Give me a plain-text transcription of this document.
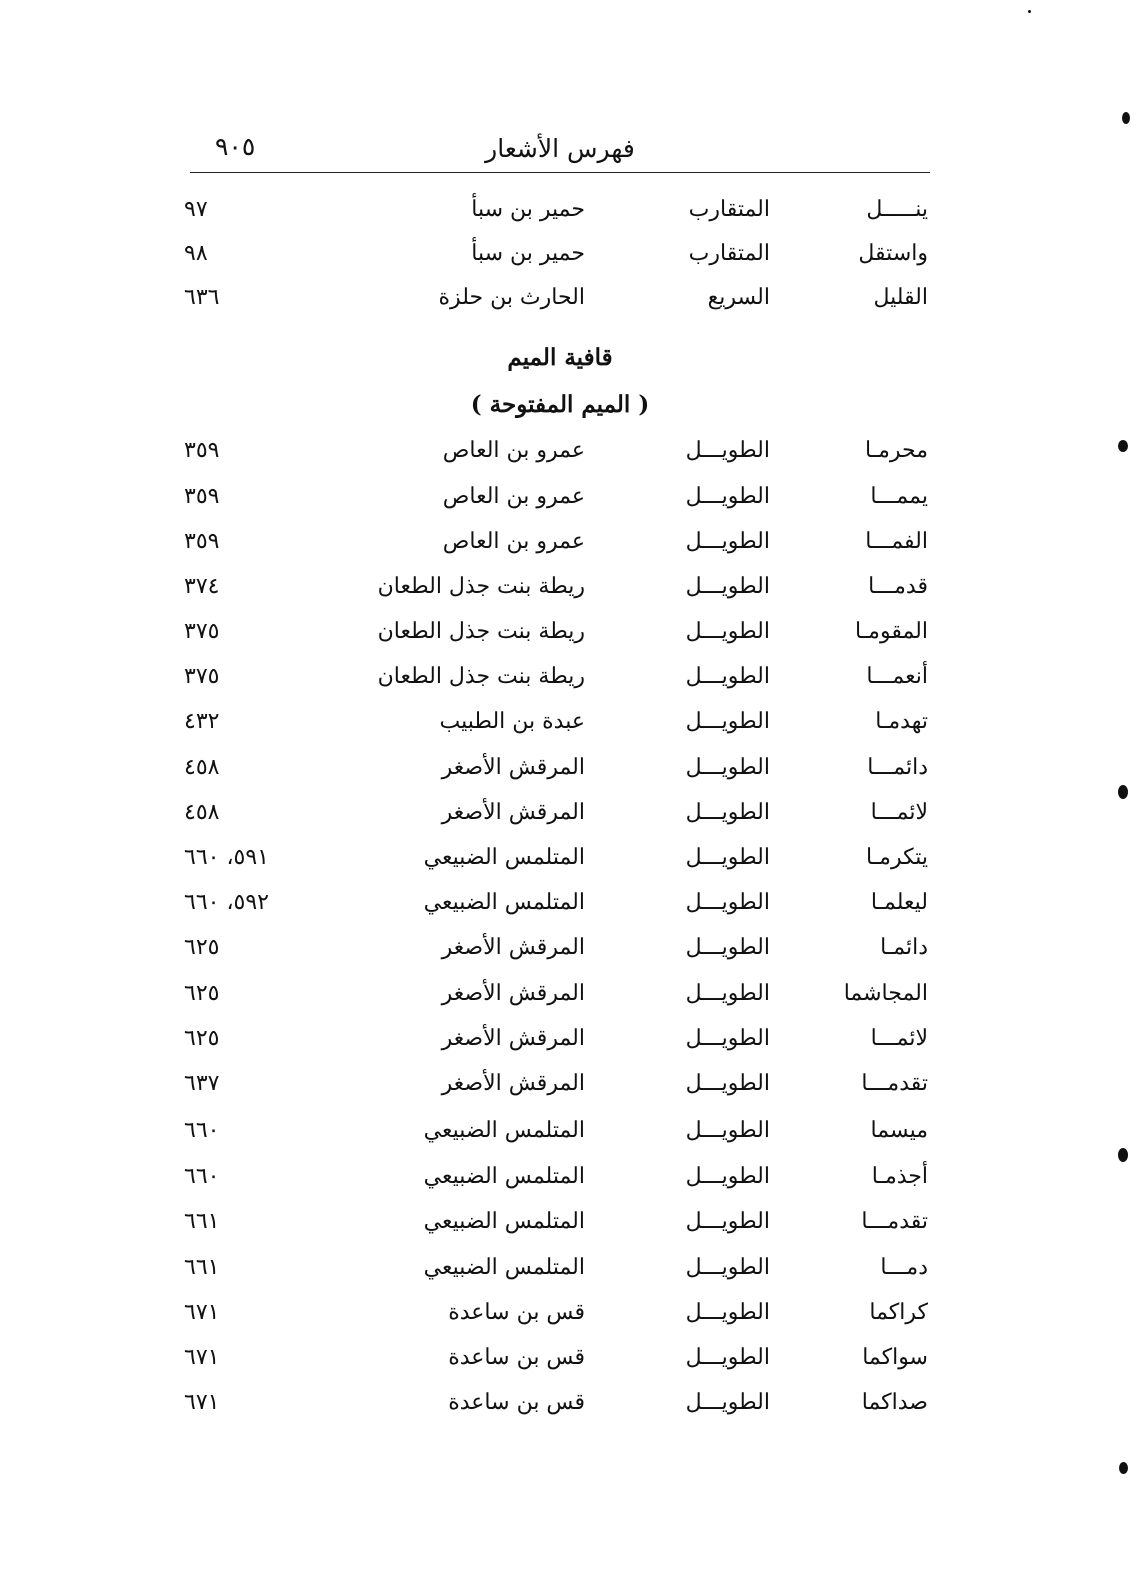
فهرس الأشعار
٩٠٥
ينـــــل
المتقارب
حمير بن سبأ
٩٧
واستقل
المتقارب
حمير بن سبأ
٩٨
القليل
السريع
الحارث بن حلزة
٦٣٦
قافية الميم
( الميم المفتوحة )
محرمـا
الطويـــل
عمرو بن العاص
٣٥٩
يممـــا
الطويـــل
عمرو بن العاص
٣٥٩
الفمـــا
الطويـــل
عمرو بن العاص
٣٥٩
قدمـــا
الطويـــل
ريطة بنت جذل الطعان
٣٧٤
المقومـا
الطويـــل
ريطة بنت جذل الطعان
٣٧٥
أنعمـــا
الطويـــل
ريطة بنت جذل الطعان
٣٧٥
تهدمـا
الطويـــل
عبدة بن الطبيب
٤٣٢
دائمـــا
الطويـــل
المرقش الأصغر
٤٥٨
لائمـــا
الطويـــل
المرقش الأصغر
٤٥٨
يتكرمـا
الطويـــل
المتلمس الضبيعي
٥٩١، ٦٦٠
ليعلمـا
الطويـــل
المتلمس الضبيعي
٥٩٢، ٦٦٠
دائمـا
الطويـــل
المرقش الأصغر
٦٢٥
المجاشما
الطويـــل
المرقش الأصغر
٦٢٥
لائمـــا
الطويـــل
المرقش الأصغر
٦٢٥
تقدمـــا
الطويـــل
المرقش الأصغر
٦٣٧
ميسما
الطويـــل
المتلمس الضبيعي
٦٦٠
أجذمـا
الطويـــل
المتلمس الضبيعي
٦٦٠
تقدمـــا
الطويـــل
المتلمس الضبيعي
٦٦١
دمـــا
الطويـــل
المتلمس الضبيعي
٦٦١
كراكما
الطويـــل
قس بن ساعدة
٦٧١
سواكما
الطويـــل
قس بن ساعدة
٦٧١
صداكما
الطويـــل
قس بن ساعدة
٦٧١
